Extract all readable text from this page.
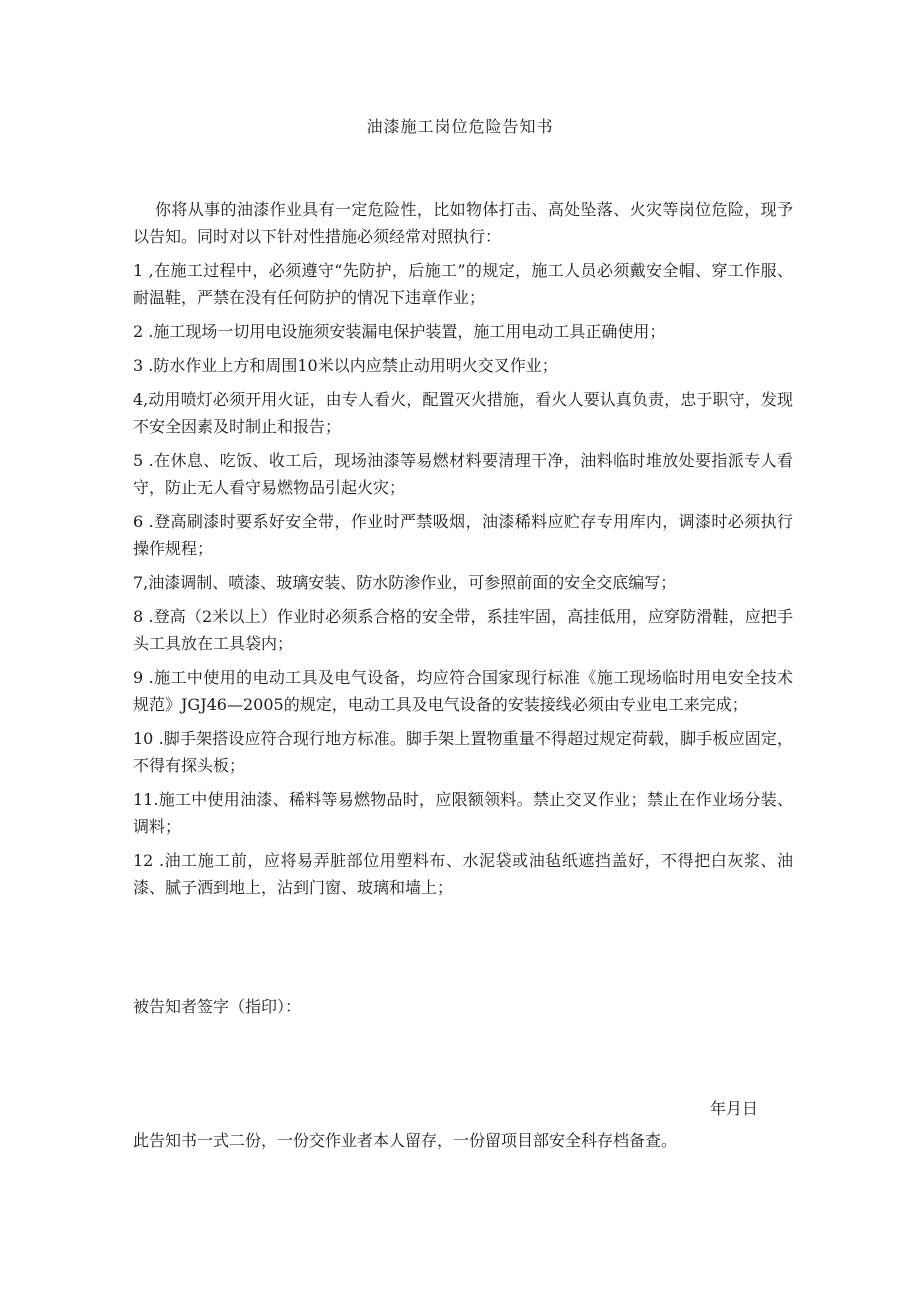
油漆施工岗位危险告知书

你将从事的油漆作业具有一定危险性，比如物体打击、高处坠落、火灾等岗位危险，现予以告知。同时对以下针对性措施必须经常对照执行：

1 ,在施工过程中，必须遵守“先防护，后施工”的规定，施工人员必须戴安全帽、穿工作服、耐温鞋，严禁在没有任何防护的情况下违章作业；

2 .施工现场一切用电设施须安装漏电保护装置，施工用电动工具正确使用；

3 .防水作业上方和周围10米以内应禁止动用明火交叉作业；

4,动用喷灯必须开用火证，由专人看火，配置灭火措施，看火人要认真负责，忠于职守，发现不安全因素及时制止和报告；

5 .在休息、吃饭、收工后，现场油漆等易燃材料要清理干净，油料临时堆放处要指派专人看守，防止无人看守易燃物品引起火灾；

6 .登高刷漆时要系好安全带，作业时严禁吸烟，油漆稀料应贮存专用库内，调漆时必须执行操作规程；

7,油漆调制、喷漆、玻璃安装、防水防渗作业，可参照前面的安全交底编写；

8 .登高（2米以上）作业时必须系合格的安全带，系挂牢固，高挂低用，应穿防滑鞋，应把手头工具放在工具袋内；

9 .施工中使用的电动工具及电气设备，均应符合国家现行标准《施工现场临时用电安全技术规范》JGJ46—2005的规定，电动工具及电气设备的安装接线必须由专业电工来完成；

10 .脚手架搭设应符合现行地方标准。脚手架上置物重量不得超过规定荷载，脚手板应固定，不得有探头板；

11.施工中使用油漆、稀料等易燃物品时，应限额领料。禁止交叉作业；禁止在作业场分装、调料；

12 .油工施工前，应将易弄脏部位用塑料布、水泥袋或油毡纸遮挡盖好，不得把白灰浆、油漆、腻子洒到地上，沾到门窗、玻璃和墙上；

被告知者签字（指印）：
年月日
此告知书一式二份，一份交作业者本人留存，一份留项目部安全科存档备查。
